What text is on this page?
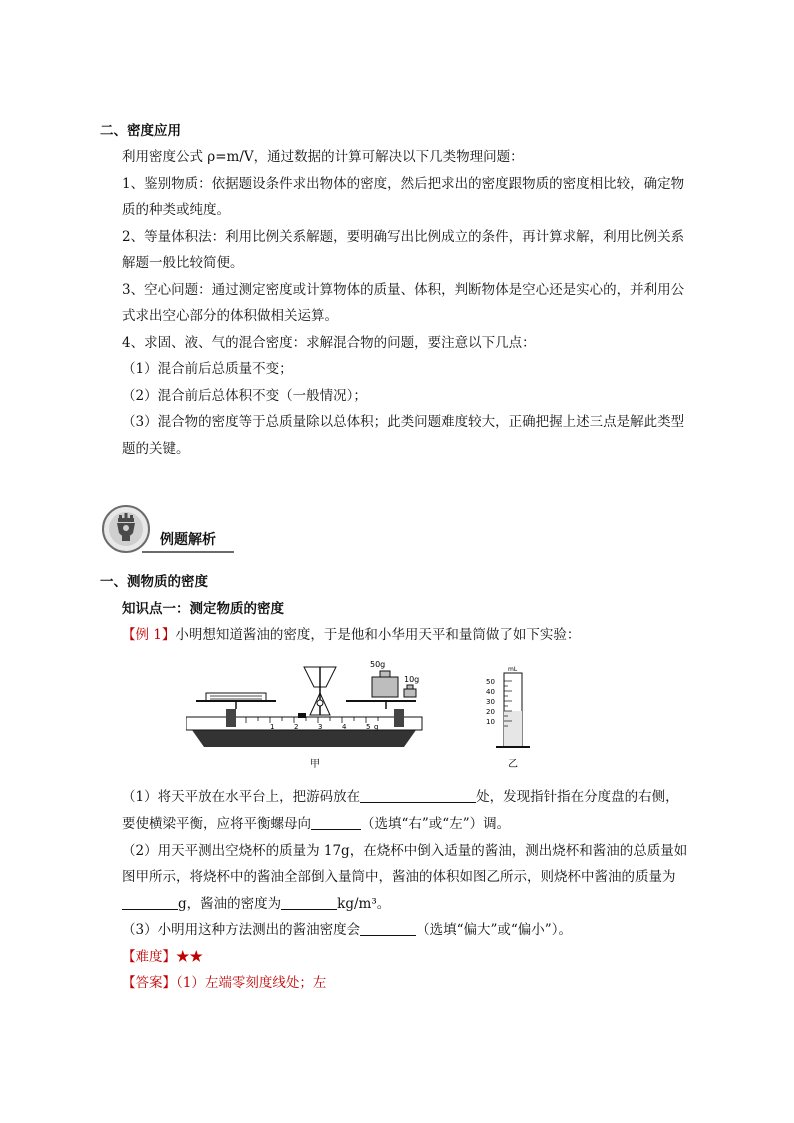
二、密度应用
利用密度公式 ρ=m/V，通过数据的计算可解决以下几类物理问题：
1、鉴别物质：依据题设条件求出物体的密度，然后把求出的密度跟物质的密度相比较，确定物
质的种类或纯度。
2、等量体积法：利用比例关系解题，要明确写出比例成立的条件，再计算求解，利用比例关系
解题一般比较简便。
3、空心问题：通过测定密度或计算物体的质量、体积，判断物体是空心还是实心的，并利用公
式求出空心部分的体积做相关运算。
4、求固、液、气的混合密度：求解混合物的问题，要注意以下几点：
（1）混合前后总质量不变；
（2）混合前后总体积不变（一般情况）；
（3）混合物的密度等于总质量除以总体积；此类问题难度较大，正确把握上述三点是解此类型
题的关键。
例题解析
一、测物质的密度
知识点一：测定物质的密度
【例 1】小明想知道酱油的密度，于是他和小华用天平和量筒做了如下实验：
1	2	3	4	5 g
50g
10g
mL
50
40
30
20
10
甲	乙
（1）将天平放在水平台上，把游码放在	处，发现指针指在分度盘的右侧，
要使横梁平衡，应将平衡螺母向	（选填“右”或“左”）调。
（2）用天平测出空烧杯的质量为 17g，在烧杯中倒入适量的酱油，测出烧杯和酱油的总质量如
图甲所示，将烧杯中的酱油全部倒入量筒中，酱油的体积如图乙所示，则烧杯中酱油的质量为
g，酱油的密度为	kg/m³。
（3）小明用这种方法测出的酱油密度会	（选填“偏大”或“偏小”）。
【难度】★★
【答案】（1）左端零刻度线处；左
